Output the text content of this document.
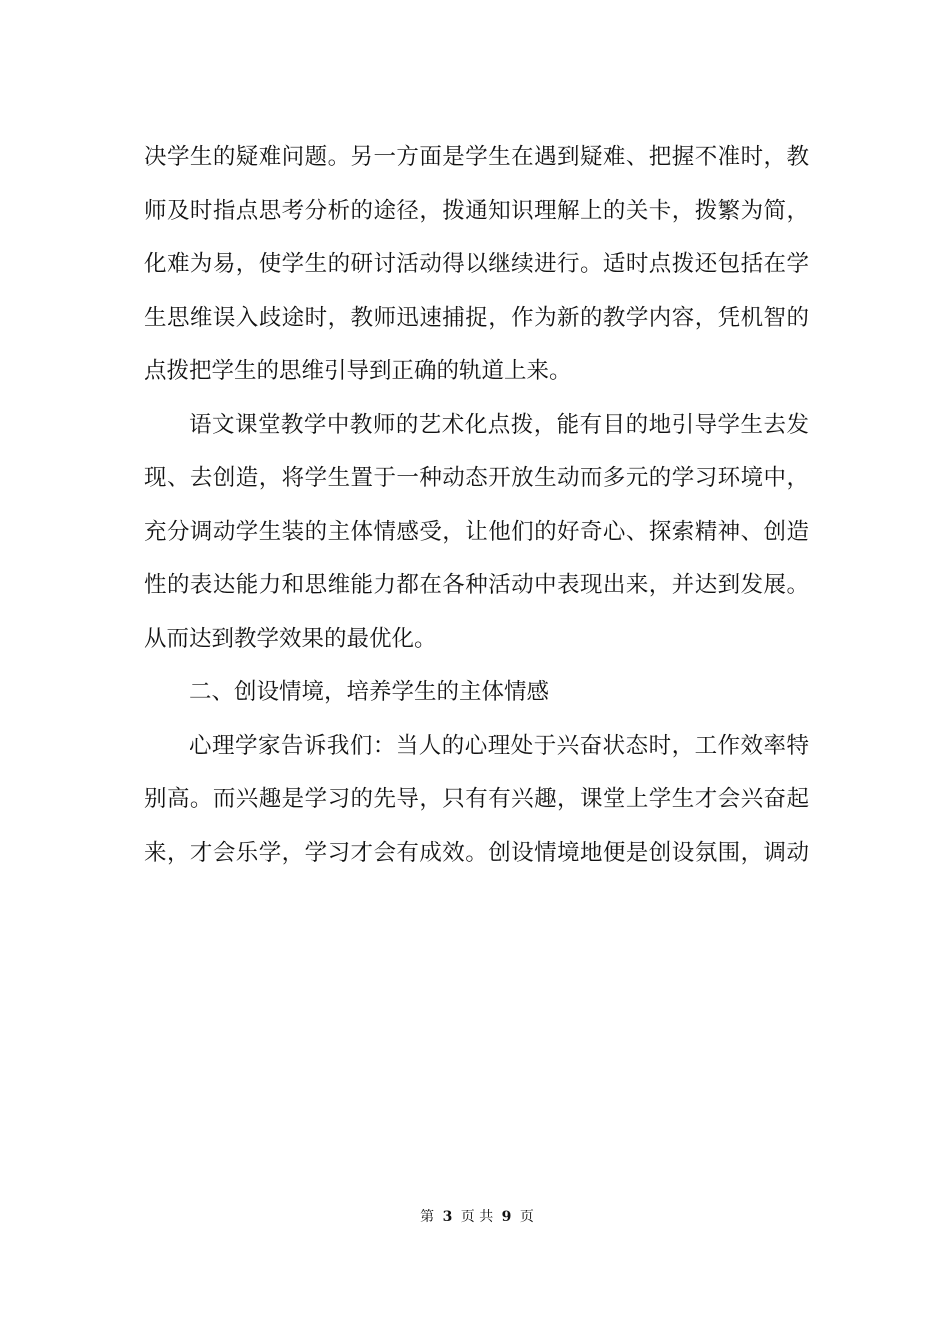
决学生的疑难问题。另一方面是学生在遇到疑难、把握不准时，教
师及时指点思考分析的途径，拨通知识理解上的关卡，拨繁为简，
化难为易，使学生的研讨活动得以继续进行。适时点拨还包括在学
生思维误入歧途时，教师迅速捕捉，作为新的教学内容，凭机智的
点拨把学生的思维引导到正确的轨道上来。
语文课堂教学中教师的艺术化点拨，能有目的地引导学生去发
现、去创造，将学生置于一种动态开放生动而多元的学习环境中，
充分调动学生装的主体情感受，让他们的好奇心、探索精神、创造
性的表达能力和思维能力都在各种活动中表现出来，并达到发展。
从而达到教学效果的最优化。
二、创设情境，培养学生的主体情感
心理学家告诉我们：当人的心理处于兴奋状态时，工作效率特
别高。而兴趣是学习的先导，只有有兴趣，课堂上学生才会兴奋起
来，才会乐学，学习才会有成效。创设情境地便是创设氛围，调动
第 3 页 共 9 页
